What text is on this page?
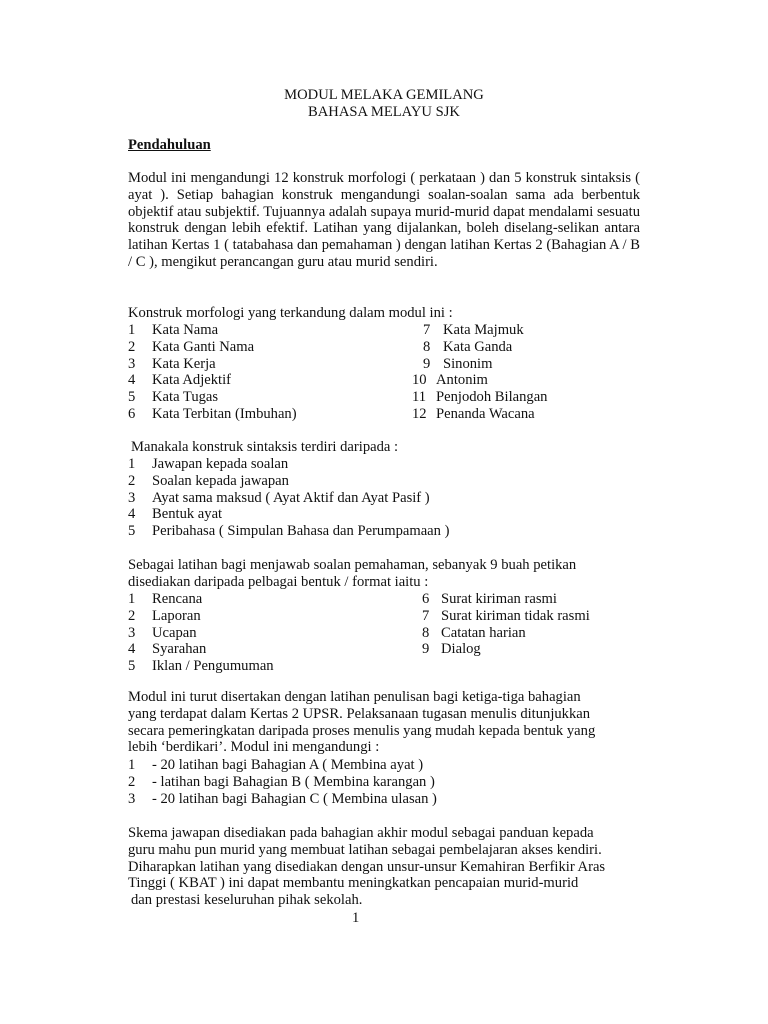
MODUL MELAKA GEMILANG
BAHASA MELAYU SJK
Pendahuluan
Modul ini mengandungi 12 konstruk morfologi ( perkataan ) dan 5 konstruk sintaksis ( ayat ). Setiap bahagian konstruk mengandungi soalan-soalan sama ada berbentuk objektif atau subjektif. Tujuannya adalah supaya murid-murid dapat mendalami sesuatu konstruk dengan lebih efektif. Latihan yang dijalankan, boleh diselang-selikan antara latihan Kertas 1 ( tatabahasa dan pemahaman ) dengan latihan Kertas 2 (Bahagian A / B / C ), mengikut perancangan guru atau murid sendiri.
Konstruk morfologi yang terkandung dalam modul ini :
1 Kata Nama
2 Kata Ganti Nama
3 Kata Kerja
4 Kata Adjektif
5 Kata Tugas
6 Kata Terbitan (Imbuhan)
7 Kata Majmuk
8 Kata Ganda
9 Sinonim
10 Antonim
11 Penjodoh Bilangan
12 Penanda Wacana
Manakala konstruk sintaksis terdiri daripada :
1 Jawapan kepada soalan
2 Soalan kepada jawapan
3 Ayat sama maksud ( Ayat Aktif dan Ayat Pasif )
4 Bentuk ayat
5 Peribahasa ( Simpulan Bahasa dan Perumpamaan )
Sebagai latihan bagi menjawab soalan pemahaman, sebanyak 9 buah petikan
disediakan daripada pelbagai bentuk / format iaitu :
1 Rencana
2 Laporan
3 Ucapan
4 Syarahan
5 Iklan / Pengumuman
6 Surat kiriman rasmi
7 Surat kiriman tidak rasmi
8 Catatan harian
9 Dialog
Modul ini turut disertakan dengan latihan penulisan bagi ketiga-tiga bahagian
yang terdapat dalam Kertas 2 UPSR. Pelaksanaan tugasan menulis ditunjukkan
secara pemeringkatan daripada proses menulis yang mudah kepada bentuk yang
lebih ‘berdikari’. Modul ini mengandungi :
1 - 20 latihan bagi Bahagian A ( Membina ayat )
2 - latihan bagi Bahagian B ( Membina karangan )
3 - 20 latihan bagi Bahagian C ( Membina ulasan )
Skema jawapan disediakan pada bahagian akhir modul sebagai panduan kepada
guru mahu pun murid yang membuat latihan sebagai pembelajaran akses kendiri.
Diharapkan latihan yang disediakan dengan unsur-unsur Kemahiran Berfikir Aras
Tinggi ( KBAT ) ini dapat membantu meningkatkan pencapaian murid-murid
dan prestasi keseluruhan pihak sekolah.
1
